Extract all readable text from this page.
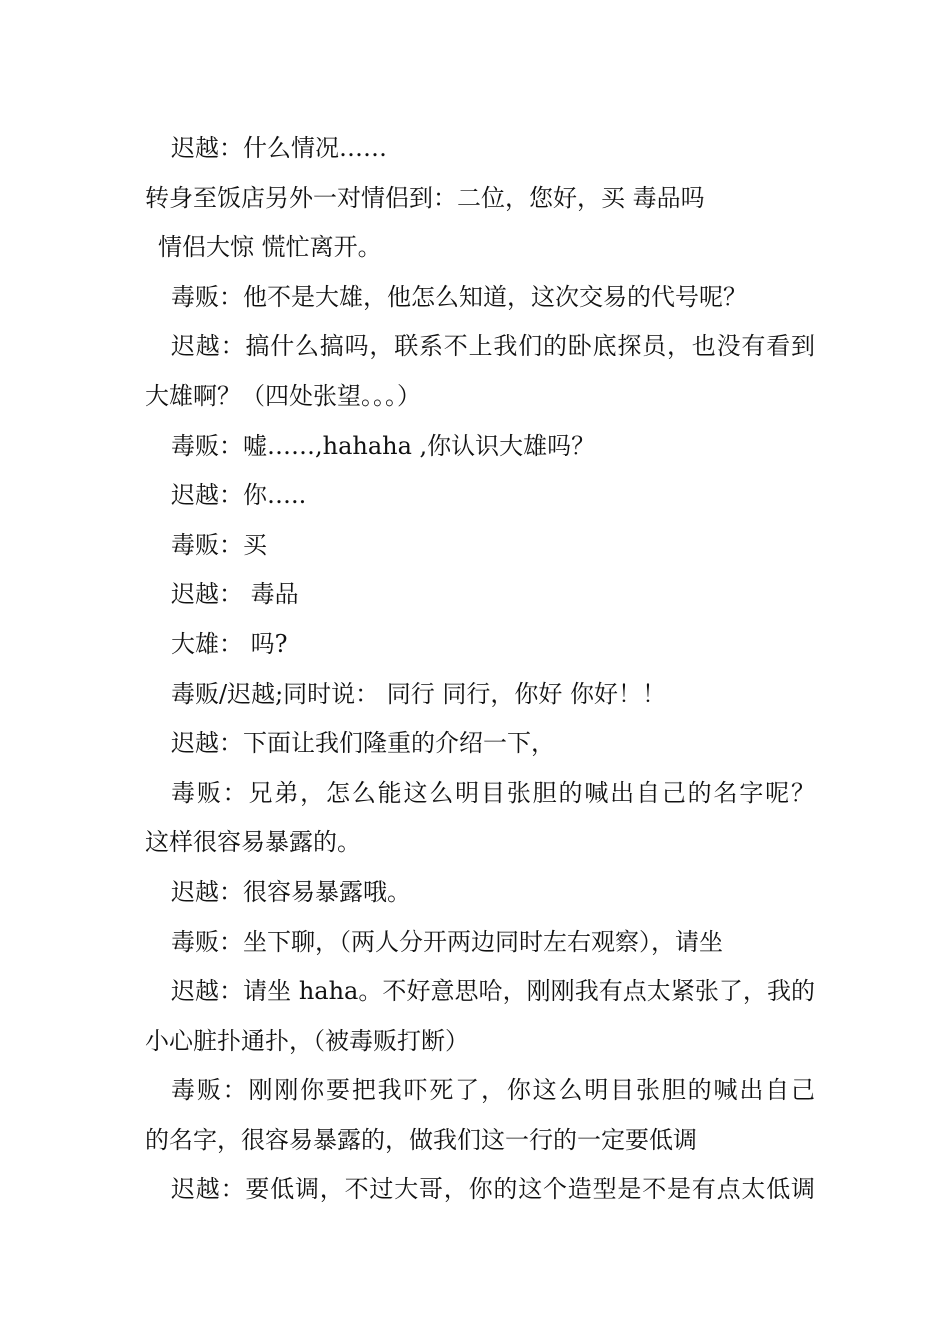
迟越：什么情况……
转身至饭店另外一对情侣到：二位，您好，买 毒品吗
情侣大惊 慌忙离开。
毒贩：他不是大雄，他怎么知道，这次交易的代号呢？
迟越：搞什么搞吗，联系不上我们的卧底探员，也没有看到
大雄啊？（四处张望。。。）
毒贩：嘘……,hahaha ,你认识大雄吗？
迟越：你…..
毒贩：买
迟越： 毒品
大雄： 吗?
毒贩/迟越;同时说： 同行 同行，你好 你好！！
迟越：下面让我们隆重的介绍一下，
毒贩：兄弟，怎么能这么明目张胆的喊出自己的名字呢？
这样很容易暴露的。
迟越：很容易暴露哦。
毒贩：坐下聊，（两人分开两边同时左右观察），请坐
迟越：请坐 haha。不好意思哈，刚刚我有点太紧张了，我的
小心脏扑通扑，（被毒贩打断）
毒贩：刚刚你要把我吓死了，你这么明目张胆的喊出自己
的名字，很容易暴露的，做我们这一行的一定要低调
迟越：要低调，不过大哥，你的这个造型是不是有点太低调
